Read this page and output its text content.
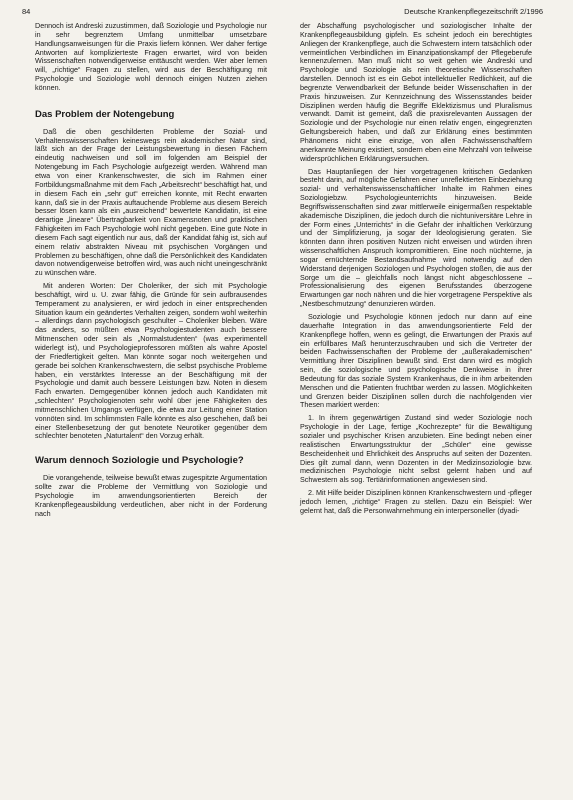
84	Deutsche Krankenpflegezeitschrift 2/1996

Dennoch ist Andreski zuzustimmen, daß Soziologie und Psychologie nur in sehr begrenztem Umfang unmittelbar umsetzbare Handlungsanweisungen für die Praxis liefern können. Wer daher fertige Antworten auf komplizierteste Fragen erwartet, wird von beiden Wissenschaften notwendigerweise enttäuscht werden. Wer aber lernen will, „richtige“ Fragen zu stellen, wird aus der Beschäftigung mit Psychologie und Soziologie wohl dennoch einigen Nutzen ziehen können.

Das Problem der Notengebung

Daß die oben geschilderten Probleme der Sozial- und Verhaltenswissenschaften keineswegs rein akademischer Natur sind, läßt sich an der Frage der Leistungsbewertung in diesen Fächern eindeutig nachweisen und soll im folgenden am Beispiel der Notengebung im Fach Psychologie aufgezeigt werden. Während man etwa von einer Krankenschwester, die sich im Rahmen einer Fortbildungsmaßnahme mit dem Fach „Arbeitsrecht“ beschäftigt hat, und in diesem Fach ein „sehr gut“ erreichen konnte, mit Recht erwarten kann, daß sie in der Praxis auftauchende Probleme aus diesem Bereich besser lösen kann als ein „ausreichend“ bewertete Kandidatin, ist eine derartige „lineare“ Übertragbarkeit von Examensnoten und praktischen Fähigkeiten im Fach Psychologie wohl nicht gegeben. Eine gute Note in diesem Fach sagt eigentlich nur aus, daß der Kandidat fähig ist, sich auf einem relativ abstrakten Niveau mit psychischen Vorgängen und Problemen zu beschäftigen, ohne daß die Persönlichkeit des Kandidaten davon notwendigerweise betroffen wird, was auch nicht uneingeschränkt zu wünschen wäre.

Mit anderen Worten: Der Choleriker, der sich mit Psychologie beschäftigt, wird u. U. zwar fähig, die Gründe für sein aufbrausendes Temperament zu analysieren, er wird jedoch in einer entsprechenden Situation kaum ein geändertes Verhalten zeigen, sondern wohl weiterhin – allerdings dann psychologisch geschulter – Choleriker bleiben. Wäre das anders, so müßten etwa Psychologiestudenten auch bessere Mitmenschen oder sein als „Normalstudenten“ (was experimentell widerlegt ist), und Psychologieprofessoren müßten als wahre Apostel der Friedfertigkeit gelten. Man könnte sogar noch weitergehen und gerade bei solchen Krankenschwestern, die selbst psychische Probleme haben, ein verstärktes Interesse an der Beschäftigung mit der Psychologie und damit auch bessere Leistungen bzw. Noten in diesem Fach erwarten. Demgegenüber können jedoch auch Kandidaten mit „schlechten“ Psychologienoten sehr wohl über jene Fähigkeiten des mitmenschlichen Umgangs verfügen, die etwa zur Leitung einer Station vonnöten sind. Im schlimmsten Falle könnte es also geschehen, daß bei einer Stellenbesetzung der gut benotete Neurotiker gegenüber dem schlechter benoteten „Naturtalent“ den Vorzug erhält.

Warum dennoch Soziologie und Psychologie?

Die vorangehende, teilweise bewußt etwas zugespitzte Argumentation sollte zwar die Probleme der Vermittlung von Soziologie und Psychologie im anwendungsorientierten Bereich der Krankenpflegeausbildung verdeutlichen, aber nicht in der Forderung nach

der Abschaffung psychologischer und soziologischer Inhalte der Krankenpflegeausbildung gipfeln. Es scheint jedoch ein berechtigtes Anliegen der Krankenpflege, auch die Schwestern intern tatsächlich oder vermeintlichen Verbindlichen im Einanzipationskampf der Pflegeberufe kennenzulernen. Man muß nicht so weit gehen wie Andreski und Psychologie und Soziologie als rein theoretische Wissenschaften darstellen. Dennoch ist es ein Gebot intellektueller Redlichkeit, auf die begrenzte Verwendbarkeit der Befunde beider Wissenschaften in der Praxis hinzuweisen. Zur Kennzeichnung des Wissensstandes beider Disziplinen werden häufig die Begriffe Eklektizismus und Pluralismus verwandt. Damit ist gemeint, daß die praxisrelevanten Aussagen der Soziologie und der Psychologie nur einen relativ engen, eingegrenzten Geltungsbereich haben, und daß zur Erklärung eines bestimmten Phänomens nicht eine einzige, von allen Fachwissenschaftlern anerkannte Meinung existiert, sondern eben eine Mehrzahl von teilweise widersprüchlichen Erklärungsversuchen.

Das Hauptanliegen der hier vorgetragenen kritischen Gedanken besteht darin, auf mögliche Gefahren einer unreflektierten Einbeziehung sozial- und verhaltenswissenschaftlicher Inhalte im Rahmen eines Soziologiebzw. Psychologieunterrichts hinzuweisen. Beide Begriffswissenschaften sind zwar mittlerweile einigermaßen respektable akademische Disziplinen, die jedoch durch die nichtuniversitäre Lehre in der Form eines „Unterrichts“ in die Gefahr der inhaltlichen Verkürzung und der Simplifizierung, ja sogar der Ideologisierung geraten. Sie könnten dann ihren positiven Nutzen nicht erweisen und würden ihren wissenschaftlichen Anspruch kompromittieren. Eine noch nüchterne, ja sogar ernüchternde Bestandsaufnahme wird notwendig auf den Widerstand derjenigen Soziologen und Psychologen stoßen, die aus der Sorge um die – gleichfalls noch längst nicht abgeschlossene – Professionalisierung des eigenen Berufsstandes überzogene Erwartungen gar noch nähren und die hier vorgetragene Perspektive als „Nestbeschmutzung“ denunzieren würden.

Soziologie und Psychologie können jedoch nur dann auf eine dauerhafte Integration in das anwendungsorientierte Feld der Krankenpflege hoffen, wenn es gelingt, die Erwartungen der Praxis auf ein erfüllbares Maß herunterzuschrauben und sich die Vertreter der beiden Fachwissenschaften der Probleme der „außerakademischen“ Vermittlung ihrer Disziplinen bewußt sind. Erst dann wird es möglich sein, die soziologische und psychologische Denkweise in ihrer Bedeutung für das soziale System Krankenhaus, die in ihm arbeitenden Menschen und die Patienten fruchtbar werden zu lassen. Möglichkeiten und Grenzen beider Disziplinen sollen durch die nachfolgenden vier Thesen markiert werden:

1. In ihrem gegenwärtigen Zustand sind weder Soziologie noch Psychologie in der Lage, fertige „Kochrezepte“ für die Bewältigung sozialer und psychischer Krisen anzubieten. Eine bedingt neben einer realistischen Erwartungsstruktur der „Schüler“ eine gewisse Bescheidenheit und Ehrlichkeit des Anspruchs auf seiten der Dozenten. Dies gilt zumal dann, wenn Dozenten in der Medizinsoziologie bzw. medizinischen Psychologie nicht selbst gelernt haben und auf Schwestern als sog. Tertiärinformationen angewiesen sind.

2. Mit Hilfe beider Disziplinen können Krankenschwestern und -pfleger jedoch lernen, „richtige“ Fragen zu stellen. Dazu ein Beispiel: Wer gelernt hat, daß die Personwahrnehmung ein interpersoneller (dyadi-
